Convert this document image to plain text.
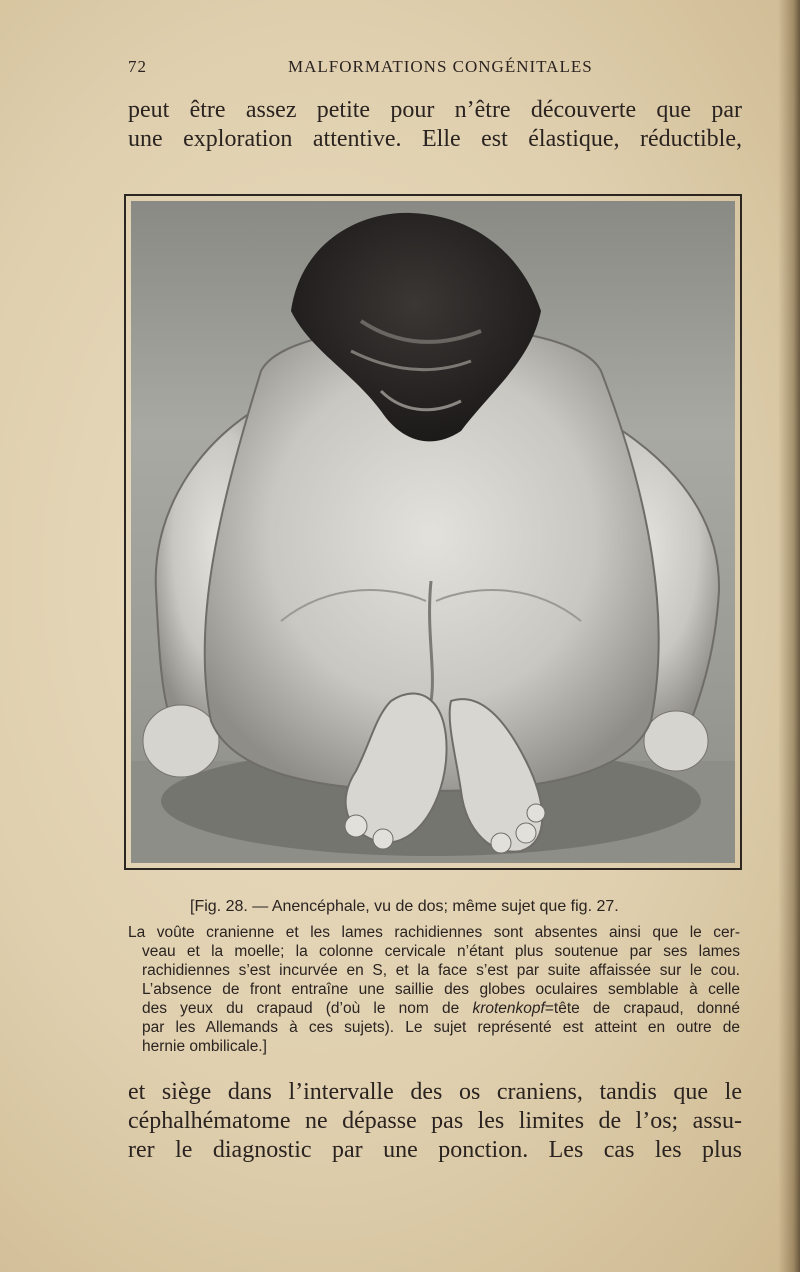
72	MALFORMATIONS CONGÉNITALES
peut être assez petite pour n’être découverte que par
une exploration attentive. Elle est élastique, réductible,
[Fig. 28. — Anencéphale, vu de dos; même sujet que fig. 27.
La voûte cranienne et les lames rachidiennes sont absentes ainsi que le cer-
veau et la moelle; la colonne cervicale n’étant plus soutenue par ses lames
rachidiennes s’est incurvée en S, et la face s’est par suite affaissée sur le cou.
L’absence de front entraîne une saillie des globes oculaires semblable à celle
des yeux du crapaud (d’où le nom de krotenkopf=tête de crapaud, donné
par les Allemands à ces sujets). Le sujet représenté est atteint en outre de
hernie ombilicale.]
et siège dans l’intervalle des os craniens, tandis que le
céphalhématome ne dépasse pas les limites de l’os; assu-
rer le diagnostic par une ponction. Les cas les plus
